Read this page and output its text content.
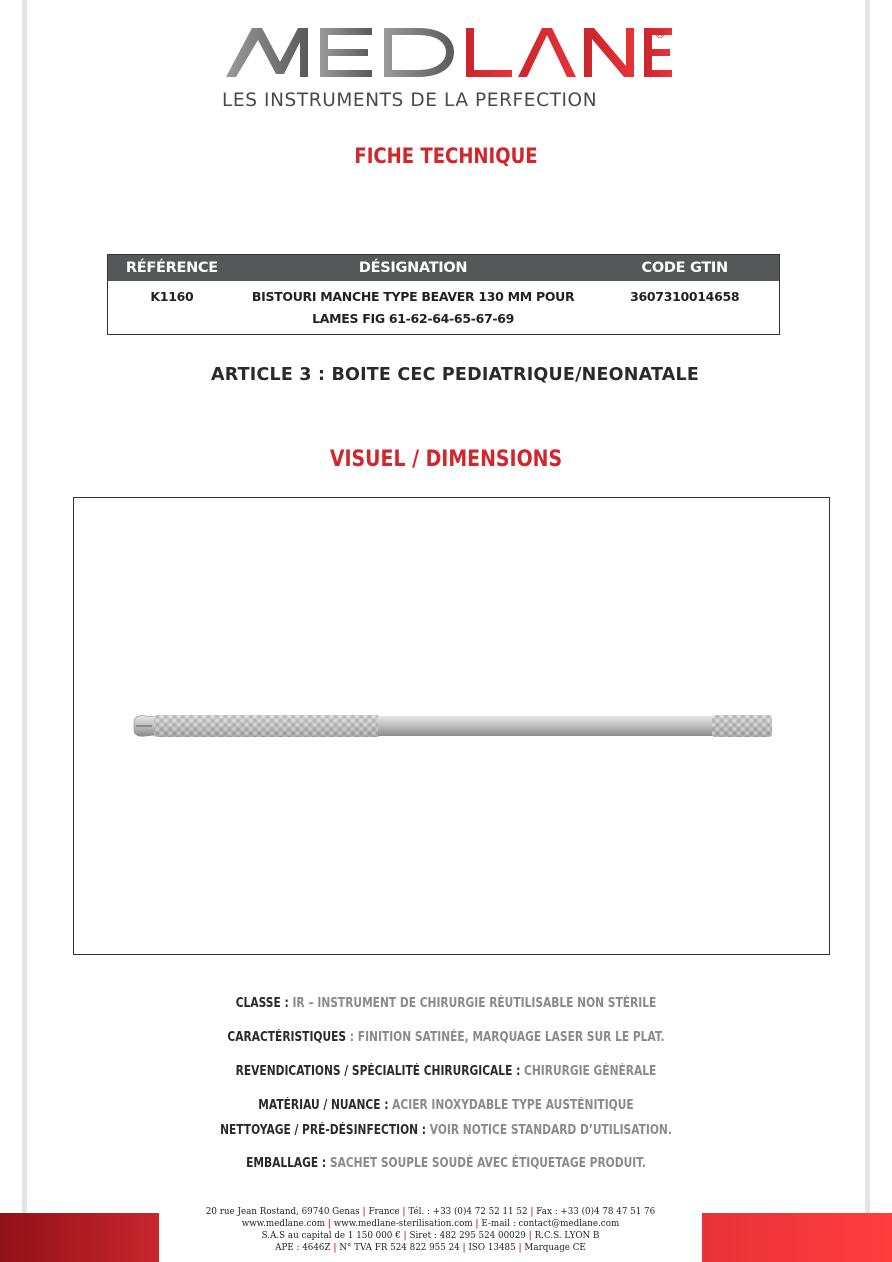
®
LES INSTRUMENTS DE LA PERFECTION
FICHE TECHNIQUE
RÉFÉRENCE	DÉSIGNATION	CODE GTIN
K1160	BISTOURI MANCHE TYPE BEAVER 130 MM POUR LAMES FIG 61-62-64-65-67-69	3607310014658
ARTICLE 3 : BOITE CEC PEDIATRIQUE/NEONATALE
VISUEL / DIMENSIONS
CLASSE : IR – INSTRUMENT DE CHIRURGIE RÉUTILISABLE NON STÉRILE
CARACTÉRISTIQUES : FINITION SATINÉE, MARQUAGE LASER SUR LE PLAT.
REVENDICATIONS / SPÉCIALITÉ CHIRURGICALE : CHIRURGIE GÉNÉRALE
MATÉRIAU / NUANCE : ACIER INOXYDABLE TYPE AUSTÉNITIQUE
NETTOYAGE / PRÉ-DÉSINFECTION : VOIR NOTICE STANDARD D’UTILISATION.
EMBALLAGE : SACHET SOUPLE SOUDÉ AVEC ÉTIQUETAGE PRODUIT.
20 rue Jean Rostand, 69740 Genas | France | Tél. : +33 (0)4 72 52 11 52 | Fax : +33 (0)4 78 47 51 76
www.medlane.com | www.medlane-sterilisation.com | E-mail : contact@medlane.com
S.A.S au capital de 1 150 000 € | Siret : 482 295 524 00029 | R.C.S. LYON B
APE : 4646Z | N° TVA FR 524 822 955 24 | ISO 13485 | Marquage CE
